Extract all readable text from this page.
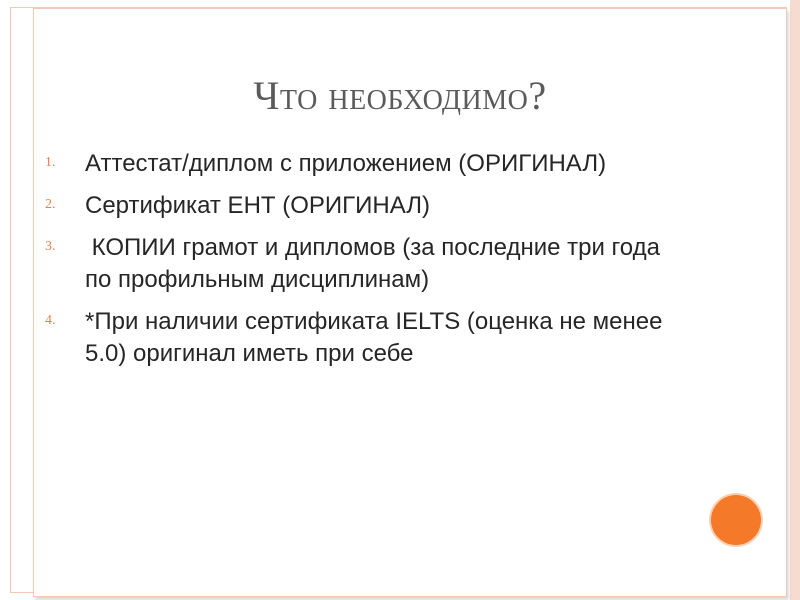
Что необходимо?
1. Аттестат/диплом с приложением (ОРИГИНАЛ)
2. Сертификат ЕНТ (ОРИГИНАЛ)
3. КОПИИ грамот и дипломов (за последние три года по профильным дисциплинам)
4. *При наличии сертификата IELTS (оценка не менее 5.0) оригинал иметь при себе
